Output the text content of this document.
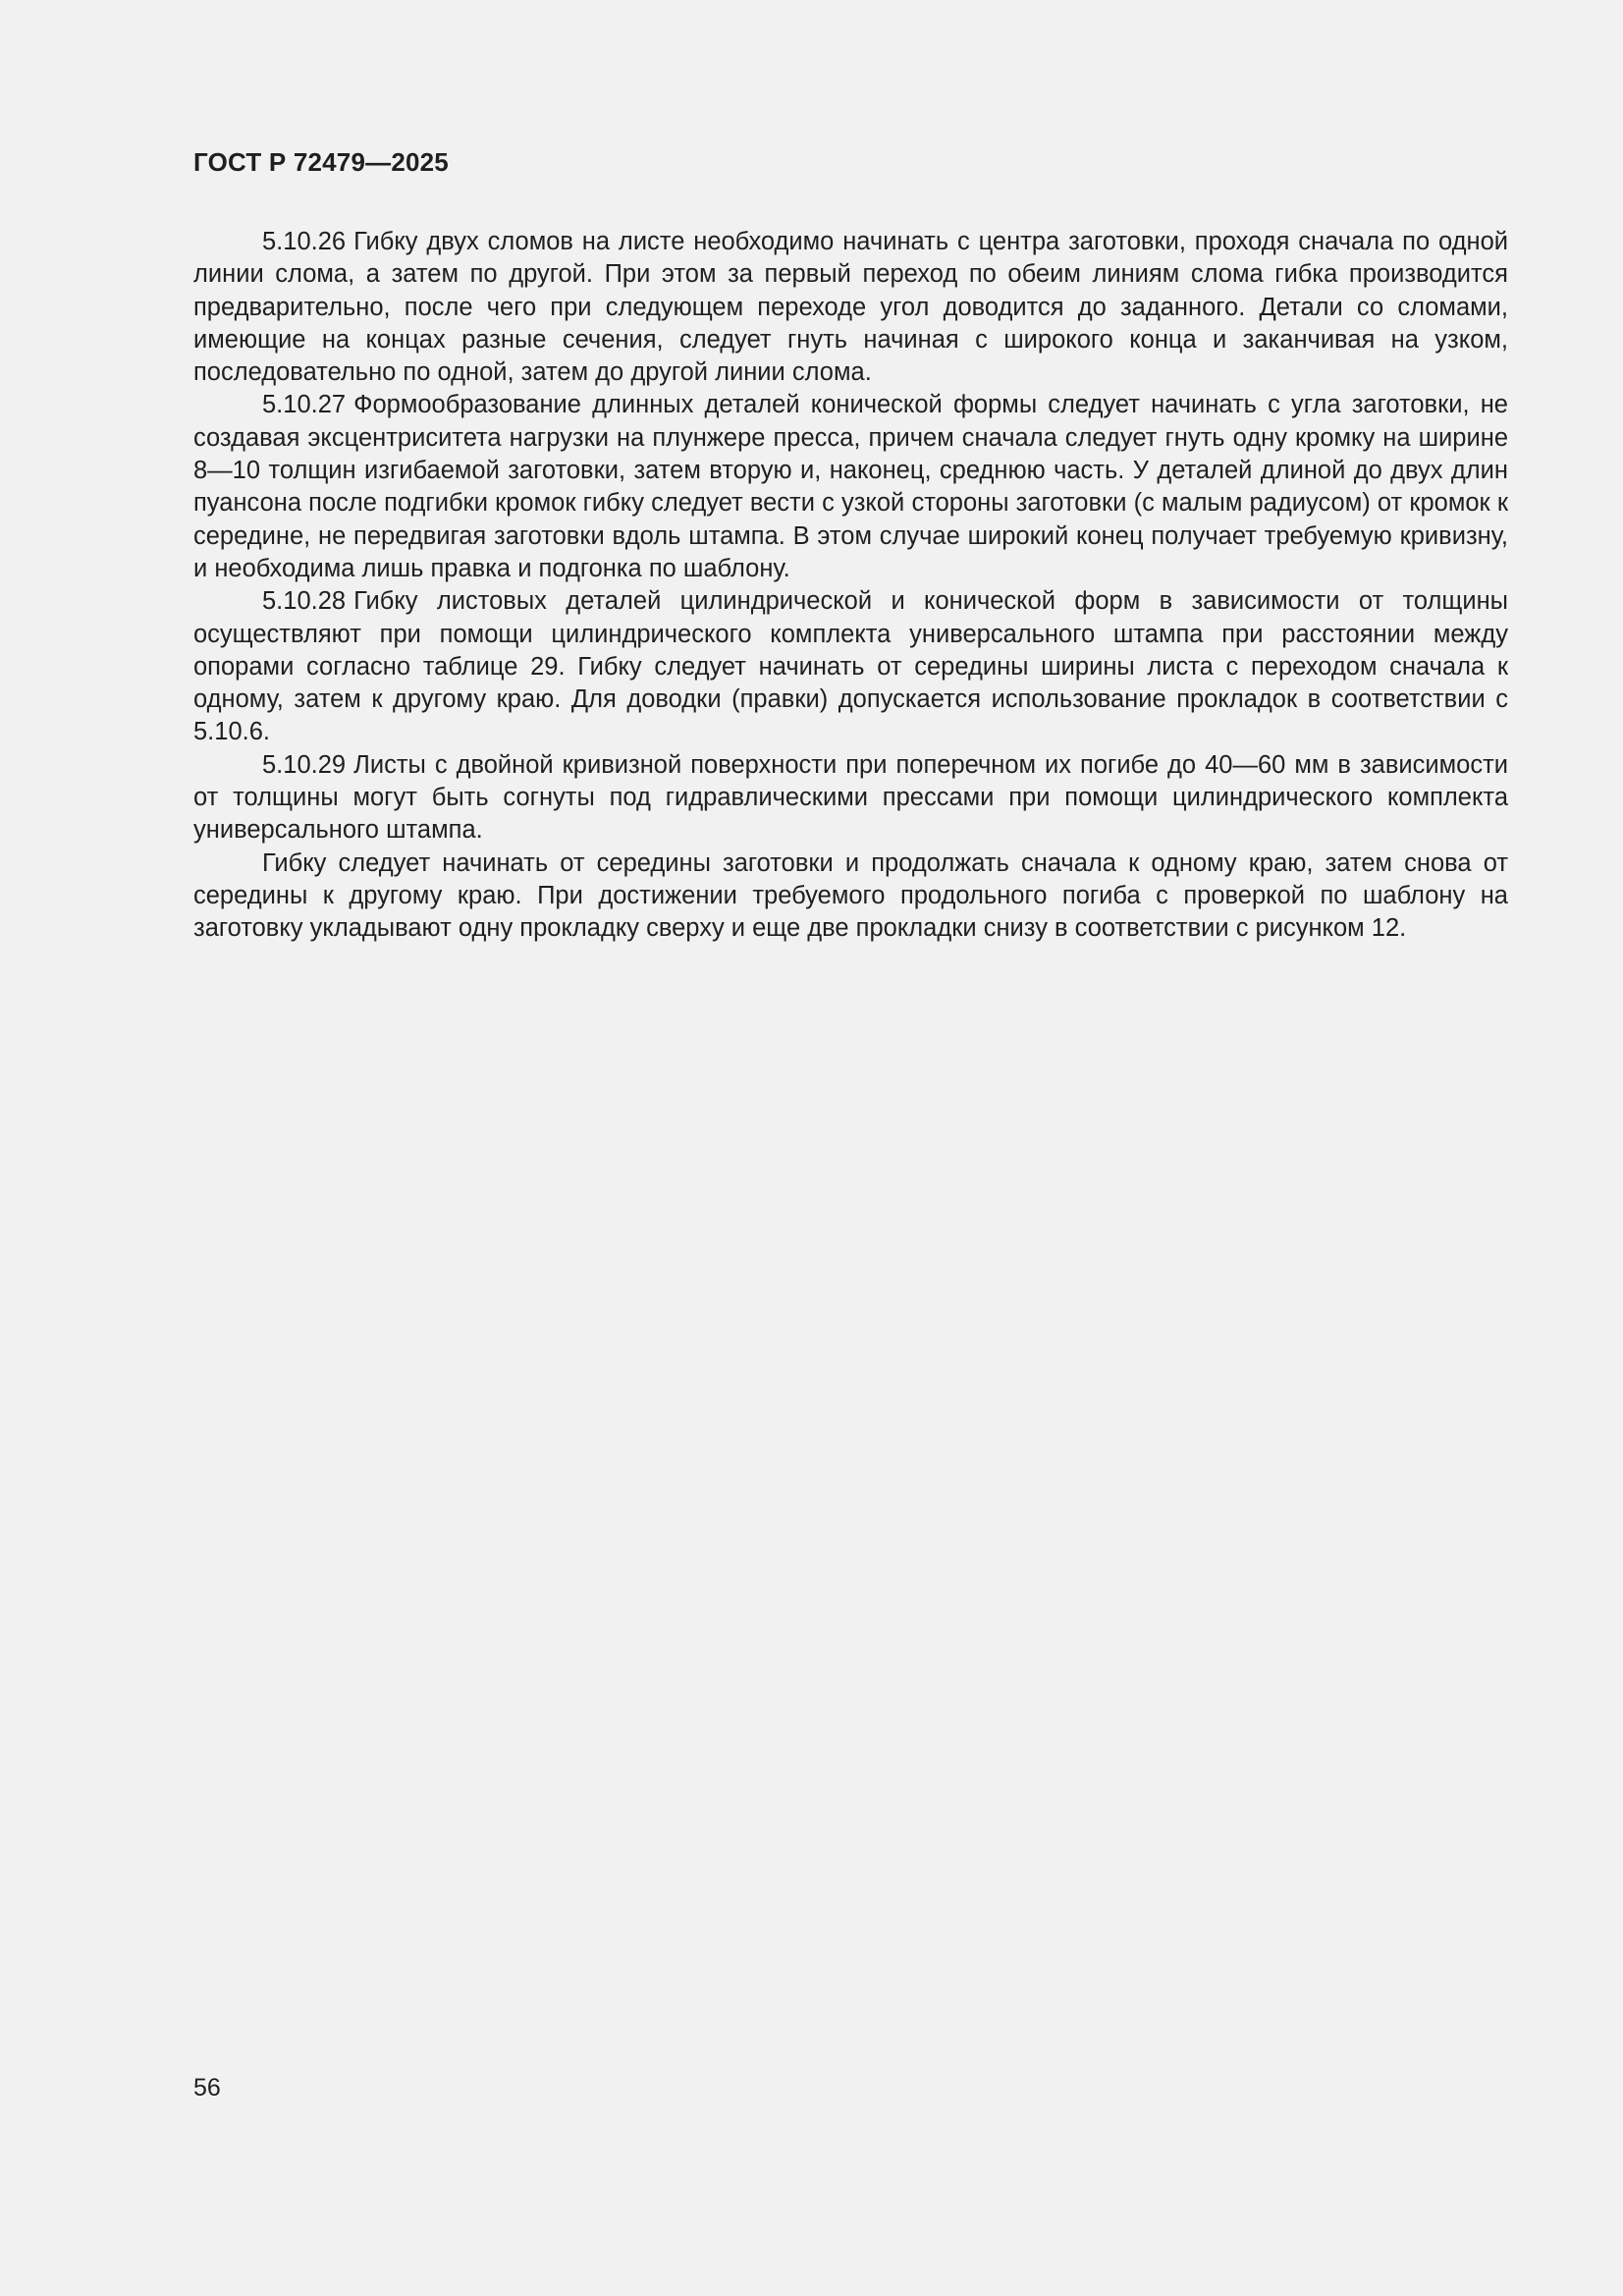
ГОСТ Р 72479—2025

5.10.26 Гибку двух сломов на листе необходимо начинать с центра заготовки, проходя сначала по одной линии слома, а затем по другой. При этом за первый переход по обеим линиям слома гибка производится предварительно, после чего при следующем переходе угол доводится до заданного. Детали со сломами, имеющие на концах разные сечения, следует гнуть начиная с широкого конца и заканчивая на узком, последовательно по одной, затем до другой линии слома.

5.10.27 Формообразование длинных деталей конической формы следует начинать с угла заготовки, не создавая эксцентриситета нагрузки на плунжере пресса, причем сначала следует гнуть одну кромку на ширине 8—10 толщин изгибаемой заготовки, затем вторую и, наконец, среднюю часть. У деталей длиной до двух длин пуансона после подгибки кромок гибку следует вести с узкой стороны заготовки (с малым радиусом) от кромок к середине, не передвигая заготовки вдоль штампа. В этом случае широкий конец получает требуемую кривизну, и необходима лишь правка и подгонка по шаблону.

5.10.28 Гибку листовых деталей цилиндрической и конической форм в зависимости от толщины осуществляют при помощи цилиндрического комплекта универсального штампа при расстоянии между опорами согласно таблице 29. Гибку следует начинать от середины ширины листа с переходом сначала к одному, затем к другому краю. Для доводки (правки) допускается использование прокладок в соответствии с 5.10.6.

5.10.29 Листы с двойной кривизной поверхности при поперечном их погибе до 40—60 мм в зависимости от толщины могут быть согнуты под гидравлическими прессами при помощи цилиндрического комплекта универсального штампа.

Гибку следует начинать от середины заготовки и продолжать сначала к одному краю, затем снова от середины к другому краю. При достижении требуемого продольного погиба с проверкой по шаблону на заготовку укладывают одну прокладку сверху и еще две прокладки снизу в соответствии с рисунком 12.

56
